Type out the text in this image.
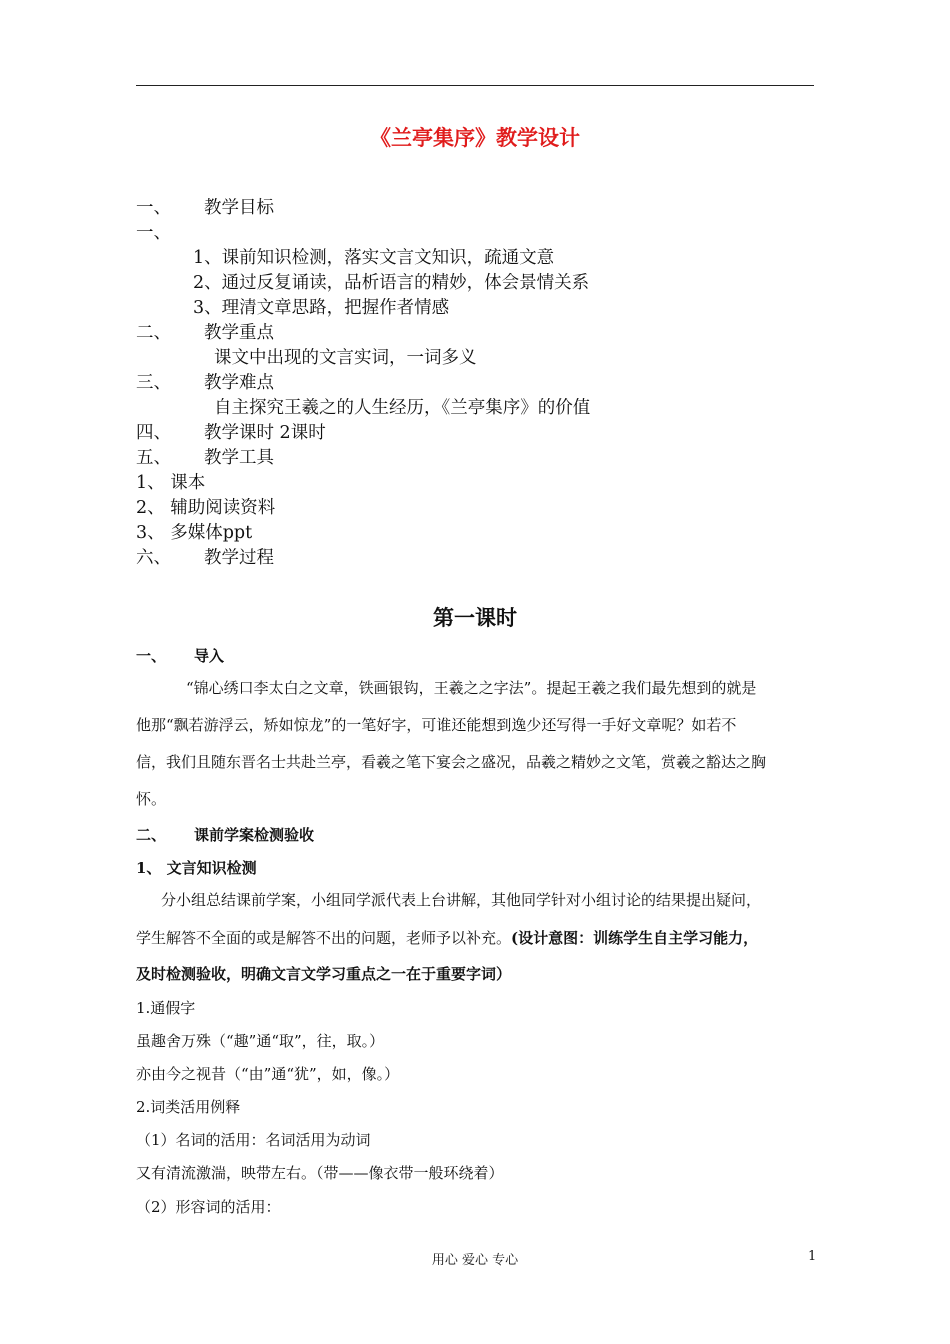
《兰亭集序》教学设计
一、 教学目标
一、
1、课前知识检测，落实文言文知识，疏通文意
2、通过反复诵读，品析语言的精妙，体会景情关系
3、理清文章思路，把握作者情感
二、 教学重点
课文中出现的文言实词，一词多义
三、 教学难点
自主探究王羲之的人生经历，《兰亭集序》的价值
四、 教学课时 2课时
五、 教学工具
1、 课本
2、 辅助阅读资料
3、 多媒体ppt
六、 教学过程
第一课时
一、 导入
“锦心绣口李太白之文章，铁画银钩，王羲之之字法”。提起王羲之我们最先想到的就是
他那“飘若游浮云，矫如惊龙”的一笔好字，可谁还能想到逸少还写得一手好文章呢？如若不
信，我们且随东晋名士共赴兰亭，看羲之笔下宴会之盛况，品羲之精妙之文笔，赏羲之豁达之胸
怀。
二、 课前学案检测验收
1、 文言知识检测
分小组总结课前学案，小组同学派代表上台讲解，其他同学针对小组讨论的结果提出疑问，
学生解答不全面的或是解答不出的问题，老师予以补充。(设计意图：训练学生自主学习能力，
及时检测验收，明确文言文学习重点之一在于重要字词）
1.通假字
虽趣舍万殊（“趣”通“取”，往，取。）
亦由今之视昔（“由”通“犹”，如，像。）
2.词类活用例释
（1）名词的活用：名词活用为动词
又有清流激湍，映带左右。（带——像衣带一般环绕着）
（2）形容词的活用：
用心 爱心 专心	1
